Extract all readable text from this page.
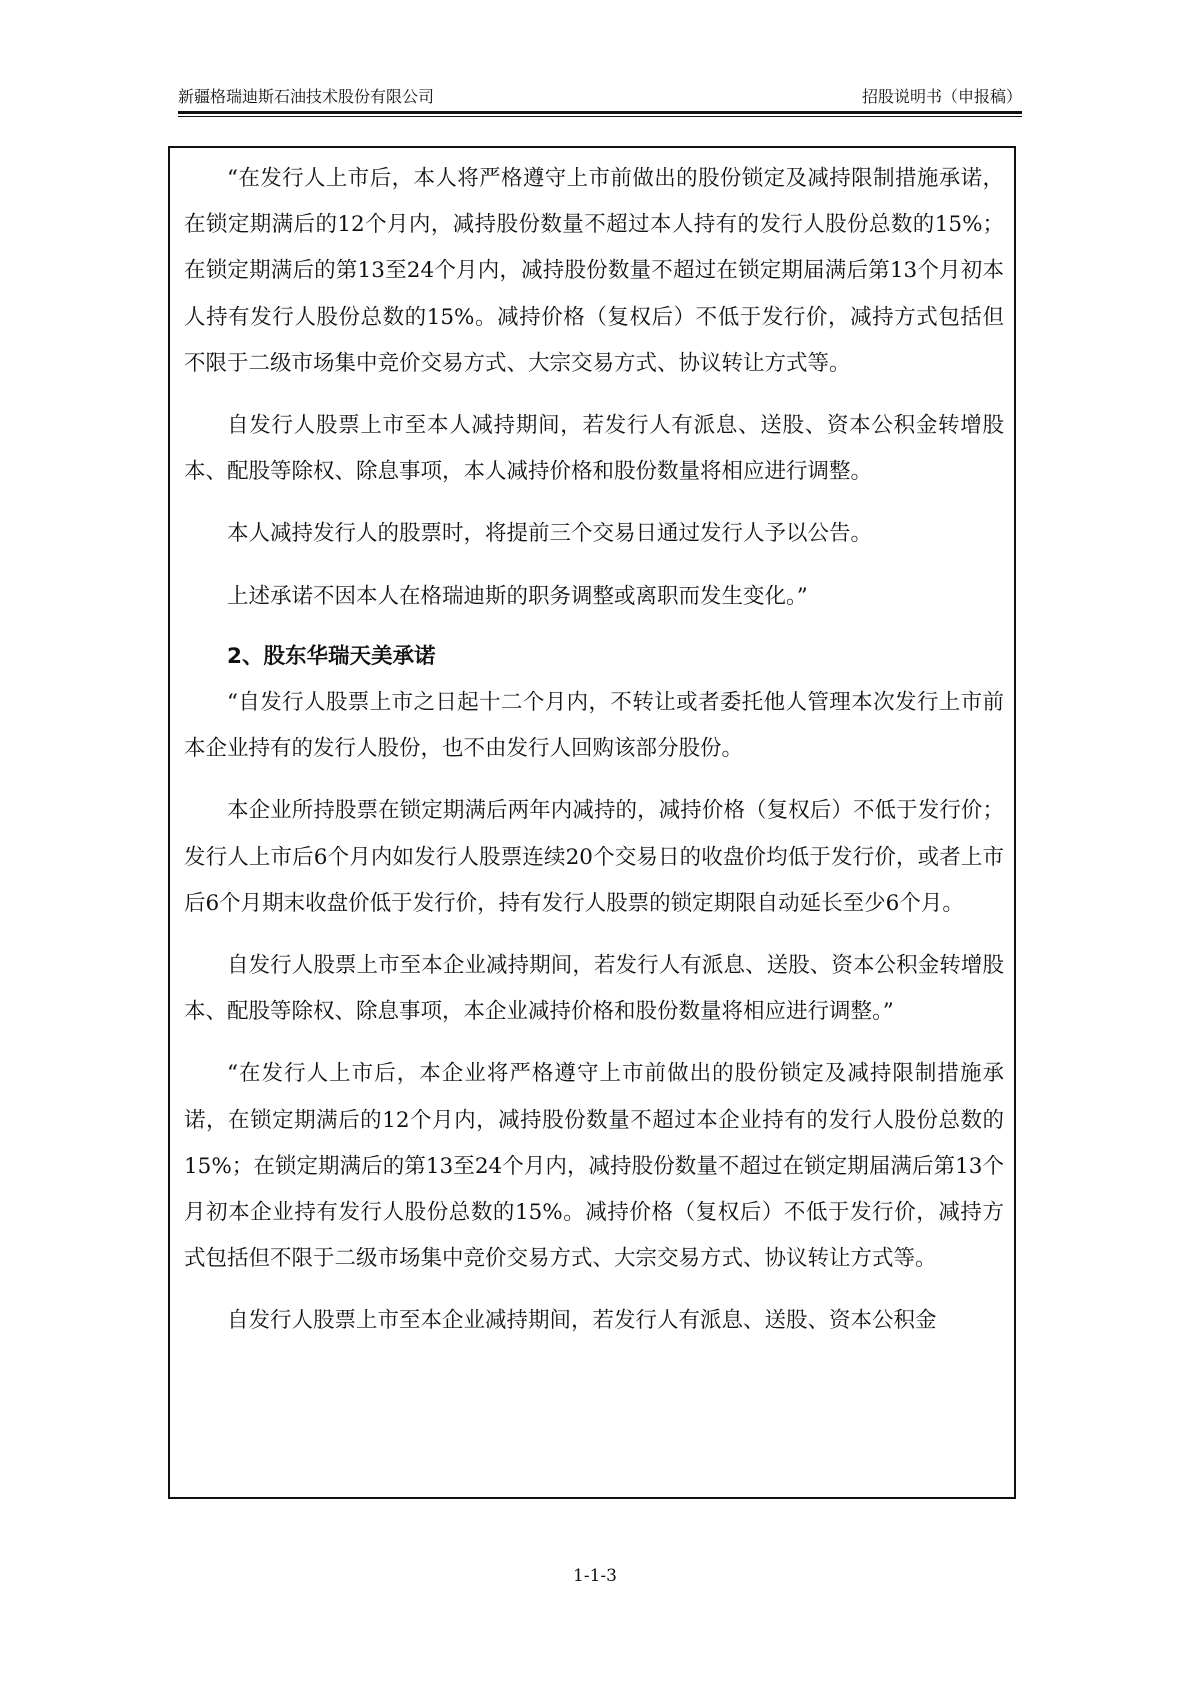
新疆格瑞迪斯石油技术股份有限公司	招股说明书（申报稿）

“在发行人上市后，本人将严格遵守上市前做出的股份锁定及减持限制措施承诺，在锁定期满后的12个月内，减持股份数量不超过本人持有的发行人股份总数的15%；在锁定期满后的第13至24个月内，减持股份数量不超过在锁定期届满后第13个月初本人持有发行人股份总数的15%。减持价格（复权后）不低于发行价，减持方式包括但不限于二级市场集中竞价交易方式、大宗交易方式、协议转让方式等。

自发行人股票上市至本人减持期间，若发行人有派息、送股、资本公积金转增股本、配股等除权、除息事项，本人减持价格和股份数量将相应进行调整。

本人减持发行人的股票时，将提前三个交易日通过发行人予以公告。

上述承诺不因本人在格瑞迪斯的职务调整或离职而发生变化。”

2、股东华瑞天美承诺

“自发行人股票上市之日起十二个月内，不转让或者委托他人管理本次发行上市前本企业持有的发行人股份，也不由发行人回购该部分股份。

本企业所持股票在锁定期满后两年内减持的，减持价格（复权后）不低于发行价；发行人上市后6个月内如发行人股票连续20个交易日的收盘价均低于发行价，或者上市后6个月期末收盘价低于发行价，持有发行人股票的锁定期限自动延长至少6个月。

自发行人股票上市至本企业减持期间，若发行人有派息、送股、资本公积金转增股本、配股等除权、除息事项，本企业减持价格和股份数量将相应进行调整。”

“在发行人上市后，本企业将严格遵守上市前做出的股份锁定及减持限制措施承诺，在锁定期满后的12个月内，减持股份数量不超过本企业持有的发行人股份总数的15%；在锁定期满后的第13至24个月内，减持股份数量不超过在锁定期届满后第13个月初本企业持有发行人股份总数的15%。减持价格（复权后）不低于发行价，减持方式包括但不限于二级市场集中竞价交易方式、大宗交易方式、协议转让方式等。

自发行人股票上市至本企业减持期间，若发行人有派息、送股、资本公积金

1-1-3
